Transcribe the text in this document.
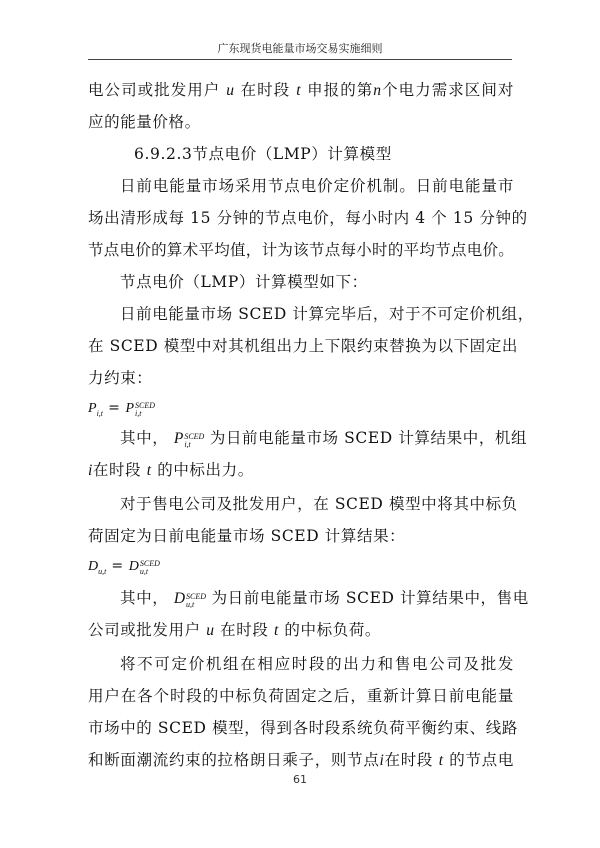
广东现货电能量市场交易实施细则
电公司或批发用户 u 在时段 t 申报的第n个电力需求区间对
应的能量价格。
6.9.2.3节点电价（LMP）计算模型
日前电能量市场采用节点电价定价机制。日前电能量市
场出清形成每 15 分钟的节点电价，每小时内 4 个 15 分钟的
节点电价的算术平均值，计为该节点每小时的平均节点电价。
节点电价（LMP）计算模型如下：
日前电能量市场 SCED 计算完毕后，对于不可定价机组，
在 SCED 模型中对其机组出力上下限约束替换为以下固定出
力约束：
$P_{i,t} = P$ SCED
i,t
其中， P SCED
i,t	为日前电能量市场 SCED 计算结果中，机组
i在时段 t 的中标出力。
对于售电公司及批发用户，在 SCED 模型中将其中标负
荷固定为日前电能量市场 SCED 计算结果：
$D_{u,t} = D$ SCED
u,t
其中， D SCED
u,t	为日前电能量市场 SCED 计算结果中，售电
公司或批发用户 u 在时段 t 的中标负荷。
将不可定价机组在相应时段的出力和售电公司及批发
用户在各个时段的中标负荷固定之后，重新计算日前电能量
市场中的 SCED 模型，得到各时段系统负荷平衡约束、线路
和断面潮流约束的拉格朗日乘子，则节点i在时段 t 的节点电
61
